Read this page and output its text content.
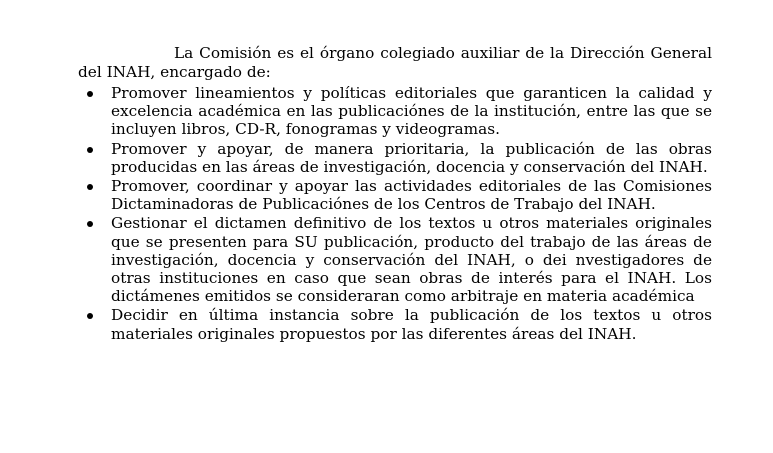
La Comisión es el órgano colegiado auxiliar de la Dirección General del INAH, encargado de:

Promover lineamientos y políticas editoriales que garanticen la calidad y excelencia académica en las publicaciónes de la institución, entre las que se incluyen libros, CD-R, fonogramas y videogramas.
Promover y apoyar, de manera prioritaria, la publicación de las obras producidas en las áreas de investigación, docencia y conservación del INAH.
Promover, coordinar y apoyar las actividades editoriales de las Comisiones Dictaminadoras de Publicaciónes de los Centros de Trabajo del INAH.
Gestionar el dictamen definitivo de los textos u otros materiales originales que se presenten para SU publicación, producto del trabajo de las áreas de investigación, docencia y conservación del INAH, o dei nvestigadores de otras instituciones en caso que sean obras de interés para el INAH. Los dictámenes emitidos se consideraran como arbitraje en materia académica
Decidir en última instancia sobre la publicación de los textos u otros materiales originales propuestos por las diferentes áreas del INAH.
